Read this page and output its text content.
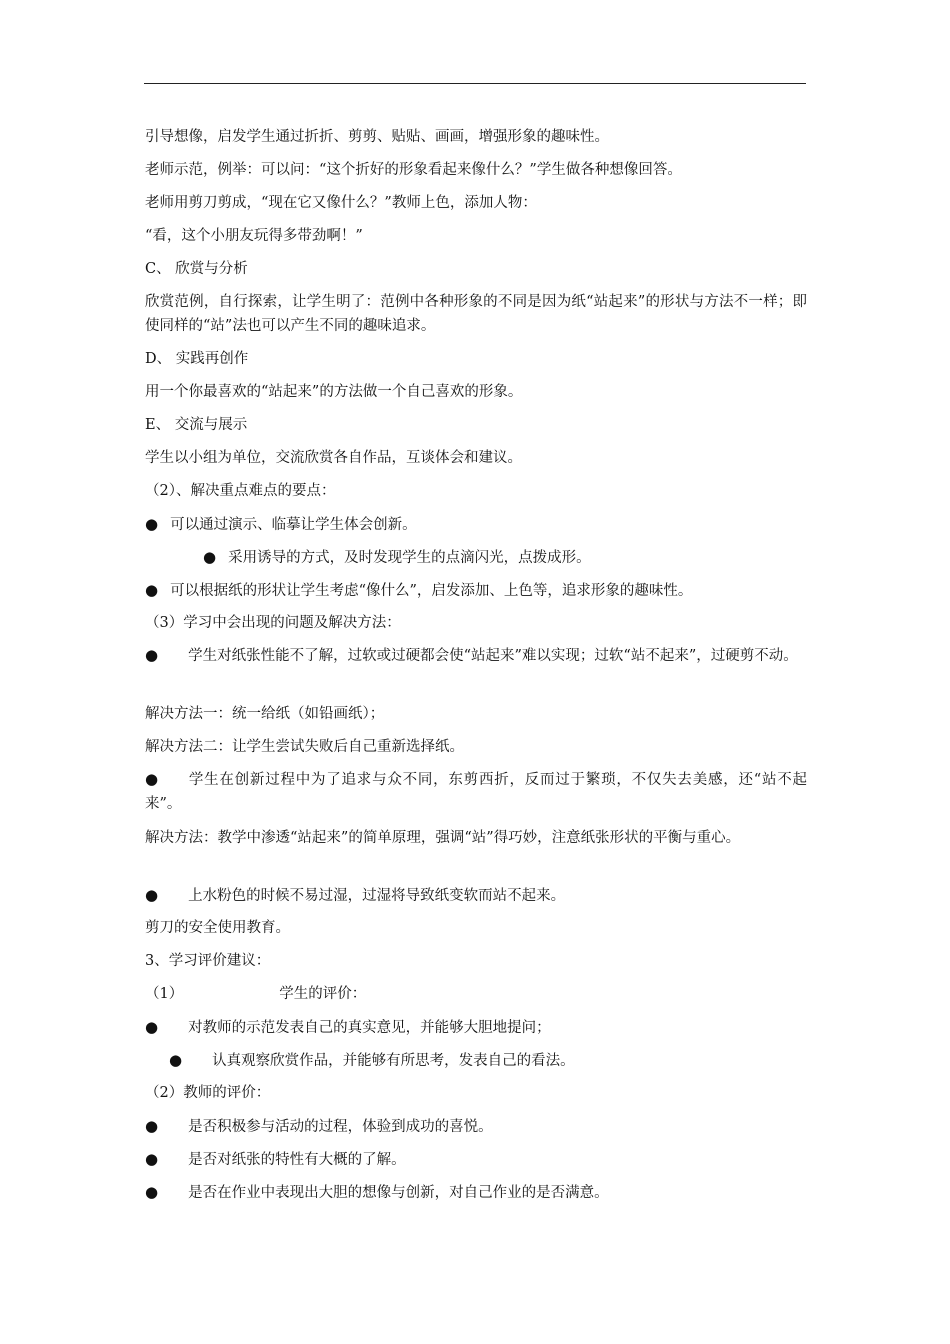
引导想像，启发学生通过折折、剪剪、贴贴、画画，增强形象的趣味性。
老师示范，例举：可以问：“这个折好的形象看起来像什么？”学生做各种想像回答。
老师用剪刀剪成，“现在它又像什么？”教师上色，添加人物：
“看，这个小朋友玩得多带劲啊！”
C、 欣赏与分析
欣赏范例，自行探索，让学生明了：范例中各种形象的不同是因为纸“站起来”的形状与方法不一样；即使同样的“站”法也可以产生不同的趣味追求。
D、 实践再创作
用一个你最喜欢的“站起来”的方法做一个自己喜欢的形象。
E、 交流与展示
学生以小组为单位，交流欣赏各自作品，互谈体会和建议。
（2）、解决重点难点的要点：
● 可以通过演示、临摹让学生体会创新。
● 采用诱导的方式，及时发现学生的点滴闪光，点拨成形。
● 可以根据纸的形状让学生考虑“像什么”，启发添加、上色等，追求形象的趣味性。
（3）学习中会出现的问题及解决方法：
● 学生对纸张性能不了解，过软或过硬都会使“站起来”难以实现；过软“站不起来”，过硬剪不动。
解决方法一：统一给纸（如铅画纸）；
解决方法二：让学生尝试失败后自己重新选择纸。
● 学生在创新过程中为了追求与众不同，东剪西折，反而过于繁琐，不仅失去美感，还“站不起来”。
解决方法：教学中渗透“站起来”的简单原理，强调“站”得巧妙，注意纸张形状的平衡与重心。
● 上水粉色的时候不易过湿，过湿将导致纸变软而站不起来。
剪刀的安全使用教育。
3、学习评价建议：
（1）	学生的评价：
● 对教师的示范发表自己的真实意见，并能够大胆地提问；
● 认真观察欣赏作品，并能够有所思考，发表自己的看法。
（2）教师的评价：
● 是否积极参与活动的过程，体验到成功的喜悦。
● 是否对纸张的特性有大概的了解。
● 是否在作业中表现出大胆的想像与创新，对自己作业的是否满意。
